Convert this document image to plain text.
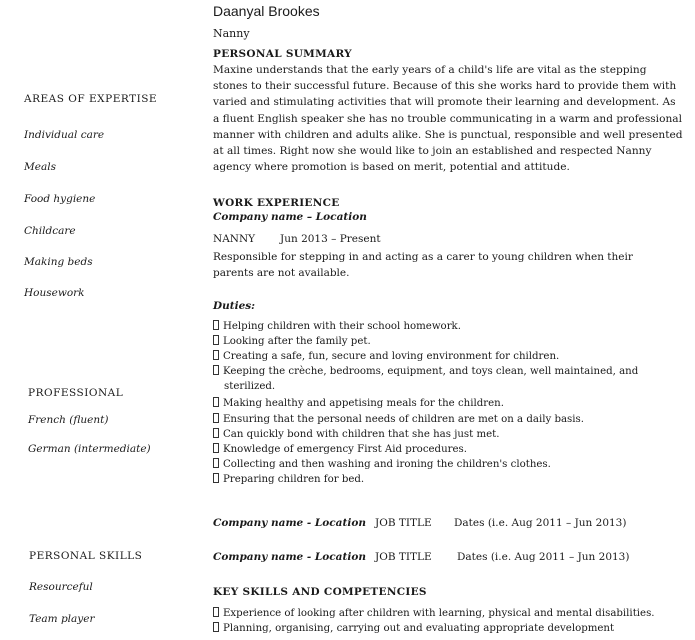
Daanyal Brookes
Nanny
PERSONAL SUMMARY
Maxine understands that the early years of a child's life are vital as the stepping stones to their successful future. Because of this she works hard to provide them with varied and stimulating activities that will promote their learning and development. As a fluent English speaker she has no trouble communicating in a warm and professional manner with children and adults alike. She is punctual, responsible and well presented at all times. Right now she would like to join an established and respected Nanny agency where promotion is based on merit, potential and attitude.
AREAS OF EXPERTISE
Individual care
Meals
Food hygiene
Childcare
Making beds
Housework
PROFESSIONAL
French (fluent)
German (intermediate)
PERSONAL SKILLS
Resourceful
Team player
WORK EXPERIENCE
Company name – Location
NANNY Jun 2013 – Present
Responsible for stepping in and acting as a carer to young children when their parents are not available.
Duties:
Helping children with their school homework.
Looking after the family pet.
Creating a safe, fun, secure and loving environment for children.
Keeping the crèche, bedrooms, equipment, and toys clean, well maintained, and
sterilized.
Making healthy and appetising meals for the children.
Ensuring that the personal needs of children are met on a daily basis.
Can quickly bond with children that she has just met.
Knowledge of emergency First Aid procedures.
Collecting and then washing and ironing the children's clothes.
Preparing children for bed.
Company name - Location JOB TITLE Dates (i.e. Aug 2011 – Jun 2013)
Company name - Location JOB TITLE Dates (i.e. Aug 2011 – Jun 2013)
KEY SKILLS AND COMPETENCIES
Experience of looking after children with learning, physical and mental disabilities.
Planning, organising, carrying out and evaluating appropriate development
